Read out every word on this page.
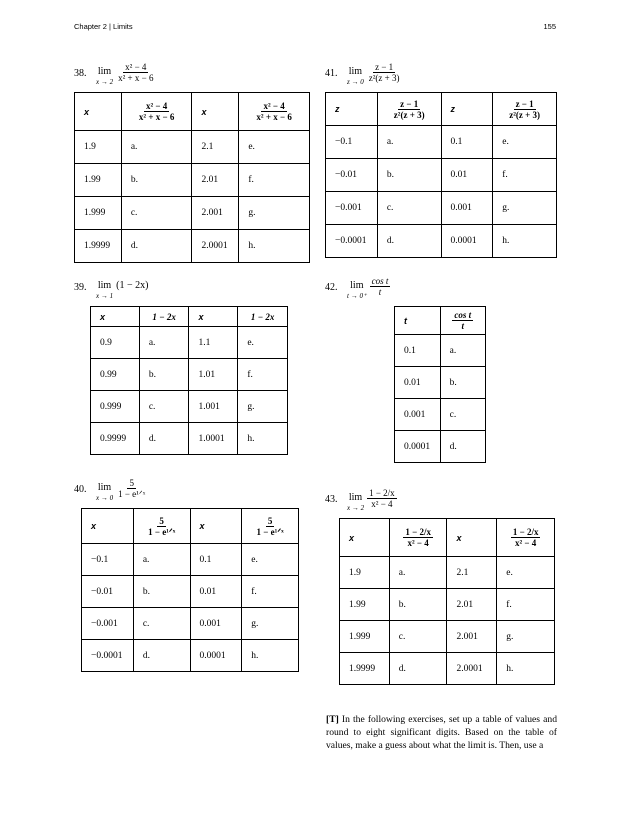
Chapter 2 | Limits	155
38. lim
$x \to 2 \frac{\text{x² − 4}}{\text{x² + x − 6}}$
x	$\frac{\text{x² − 4}}{\text{x² + x − 6}}$	x	$\frac{\text{x² − 4}}{\text{x² + x − 6}}$

1.9	a.	2.1	e.
1.99	b.	2.01	f.
1.999	c.	2.001	g.
1.9999	d.	2.0001	h.
41. lim
$z \to 0 \frac{z - 1}{\text{z²(z + 3)}}$
z	$\frac{z - 1}{\text{z²(z + 3)}}$	z	$\frac{z - 1}{\text{z²(z + 3)}}$

−0.1	a.	0.1	e.
−0.01	b.	0.01	f.
−0.001	c.	0.001	g.
−0.0001	d.	0.0001	h.
39. lim
x → 1
(1 − 2x)
x	1 − 2x	x	1 − 2x
0.9	a.	1.1	e.
0.99	b.	1.01	f.
0.999	c.	1.001	g.
0.9999	d.	1.0001	h.
42. lim
$t \to 0^+ \frac{\text{cos t}}{t}$
t	$\frac{\text{cos t}}{t}$

0.1	a.
0.01	b.
0.001	c.
0.0001	d.
40. lim
$x \to 0 \frac{5}{\text{1 − e¹ᐟˣ}}$
x	$\frac{5}{\text{1 − e¹ᐟˣ}}$	x	$\frac{5}{\text{1 − e¹ᐟˣ}}$

−0.1	a.	0.1	e.
−0.01	b.	0.01	f.
−0.001	c.	0.001	g.
−0.0001	d.	0.0001	h.
43. lim
$x \to 2 \frac{1 - 2/x}{\text{x² − 4}}$
x	$\frac{1 - 2/x}{\text{x² − 4}}$	x	$\frac{1 - 2/x}{\text{x² − 4}}$

1.9	a.	2.1	e.
1.99	b.	2.01	f.
1.999	c.	2.001	g.
1.9999	d.	2.0001	h.
[T] In the following exercises, set up a table of values and round to eight significant digits. Based on the table of values, make a guess about what the limit is. Then, use a
